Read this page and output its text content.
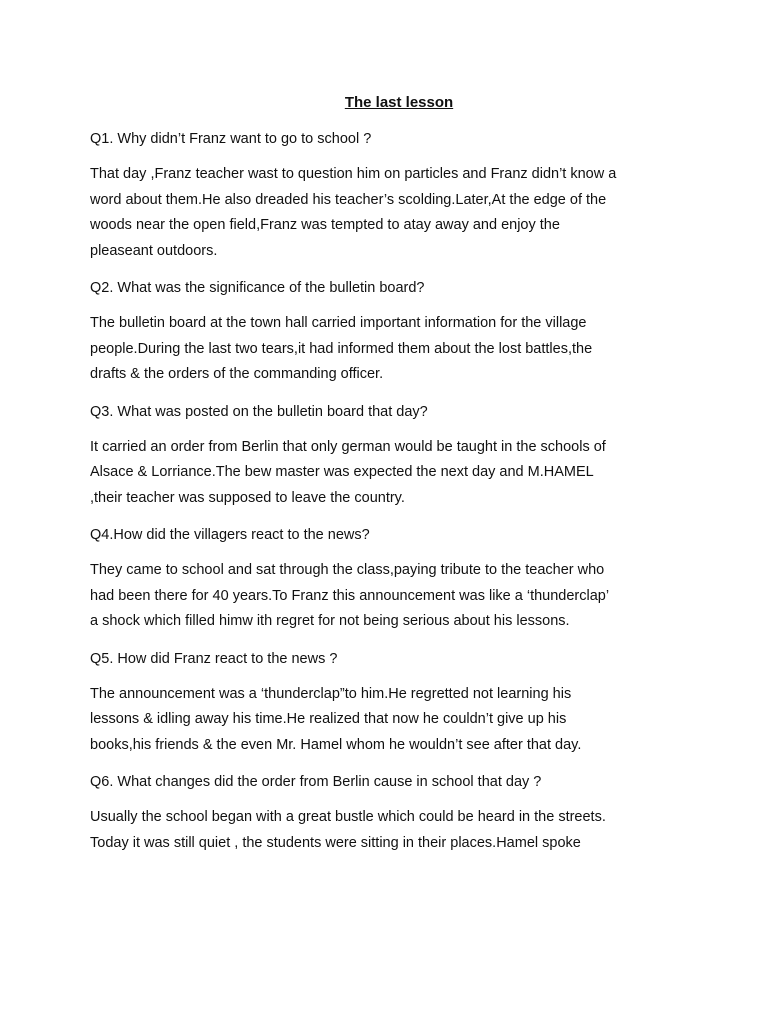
The last lesson
Q1. Why didn’t Franz want to go to school ?
That day ,Franz teacher wast to question him on particles and Franz didn’t know a
word about them.He also dreaded his teacher’s scolding.Later,At the edge of the
woods near the open field,Franz was tempted to atay away and enjoy the
pleaseant outdoors.
Q2. What was the significance of the bulletin board?
The bulletin board at the town hall carried important information for the village
people.During the last two tears,it had informed them about the lost battles,the
drafts & the orders of the commanding officer.
Q3. What was posted on the bulletin board that day?
It carried an order from Berlin that only german would be taught in the schools of
Alsace & Lorriance.The bew master was expected the next day and M.HAMEL
,their teacher was supposed to leave the country.
Q4.How did the villagers react to the news?
They came to school and sat through the class,paying tribute to the teacher who
had been there for 40 years.To Franz this announcement was like a ‘thunderclap’
a shock which filled himw ith regret for not being serious about his lessons.
Q5. How did Franz react to the news ?
The announcement was a ‘thunderclap”to him.He regretted not learning his
lessons & idling away his time.He realized that now he couldn’t give up his
books,his friends & the even Mr. Hamel whom he wouldn’t see after that day.
Q6. What changes did the order from Berlin cause in school that day ?
Usually the school began with a great bustle which could be heard in the streets.
Today it was still quiet , the students were sitting in their places.Hamel spoke
